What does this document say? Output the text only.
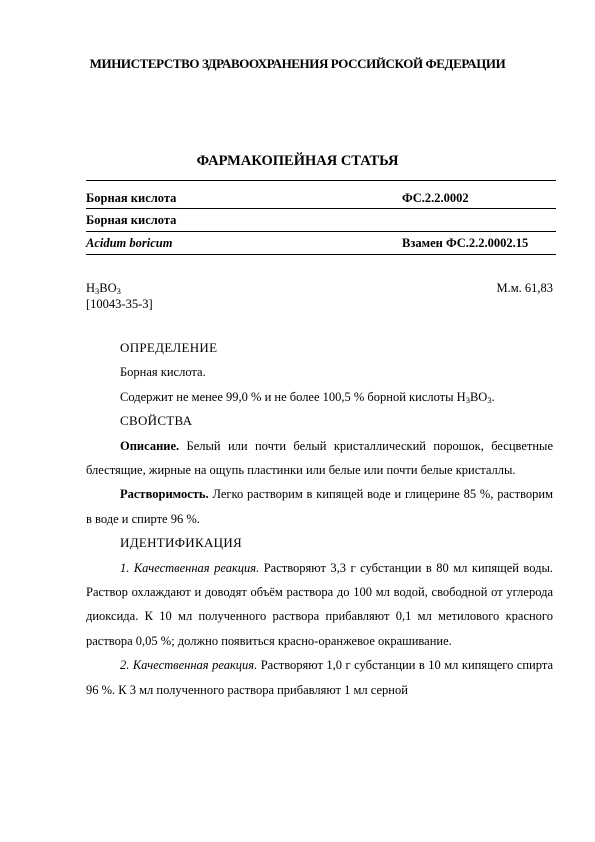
МИНИСТЕРСТВО ЗДРАВООХРАНЕНИЯ РОССИЙСКОЙ ФЕДЕРАЦИИ
ФАРМАКОПЕЙНАЯ СТАТЬЯ
Борная кислота	ФС.2.2.0002
Борная кислота
Acidum boricum	Взамен ФС.2.2.0002.15
$H_3BO_3$	М.м. 61,83
[10043-35-3]

ОПРЕДЕЛЕНИЕ

Борная кислота.

Содержит не менее 99,0 % и не более 100,5 % борной кислоты $H_3BO_3$.

СВОЙСТВА

Описание. Белый или почти белый кристаллический порошок, бесцветные блестящие, жирные на ощупь пластинки или белые или почти белые кристаллы.

Растворимость. Легко растворим в кипящей воде и глицерине 85 %, растворим в воде и спирте 96 %.

ИДЕНТИФИКАЦИЯ

1. Качественная реакция. Растворяют 3,3 г субстанции в 80 мл кипящей воды. Раствор охлаждают и доводят объём раствора до 100 мл водой, свободной от углерода диоксида. К 10 мл полученного раствора прибавляют 0,1 мл метилового красного раствора 0,05 %; должно появиться красно-оранжевое окрашивание.

2. Качественная реакция. Растворяют 1,0 г субстанции в 10 мл кипящего спирта 96 %. К 3 мл полученного раствора прибавляют 1 мл серной
